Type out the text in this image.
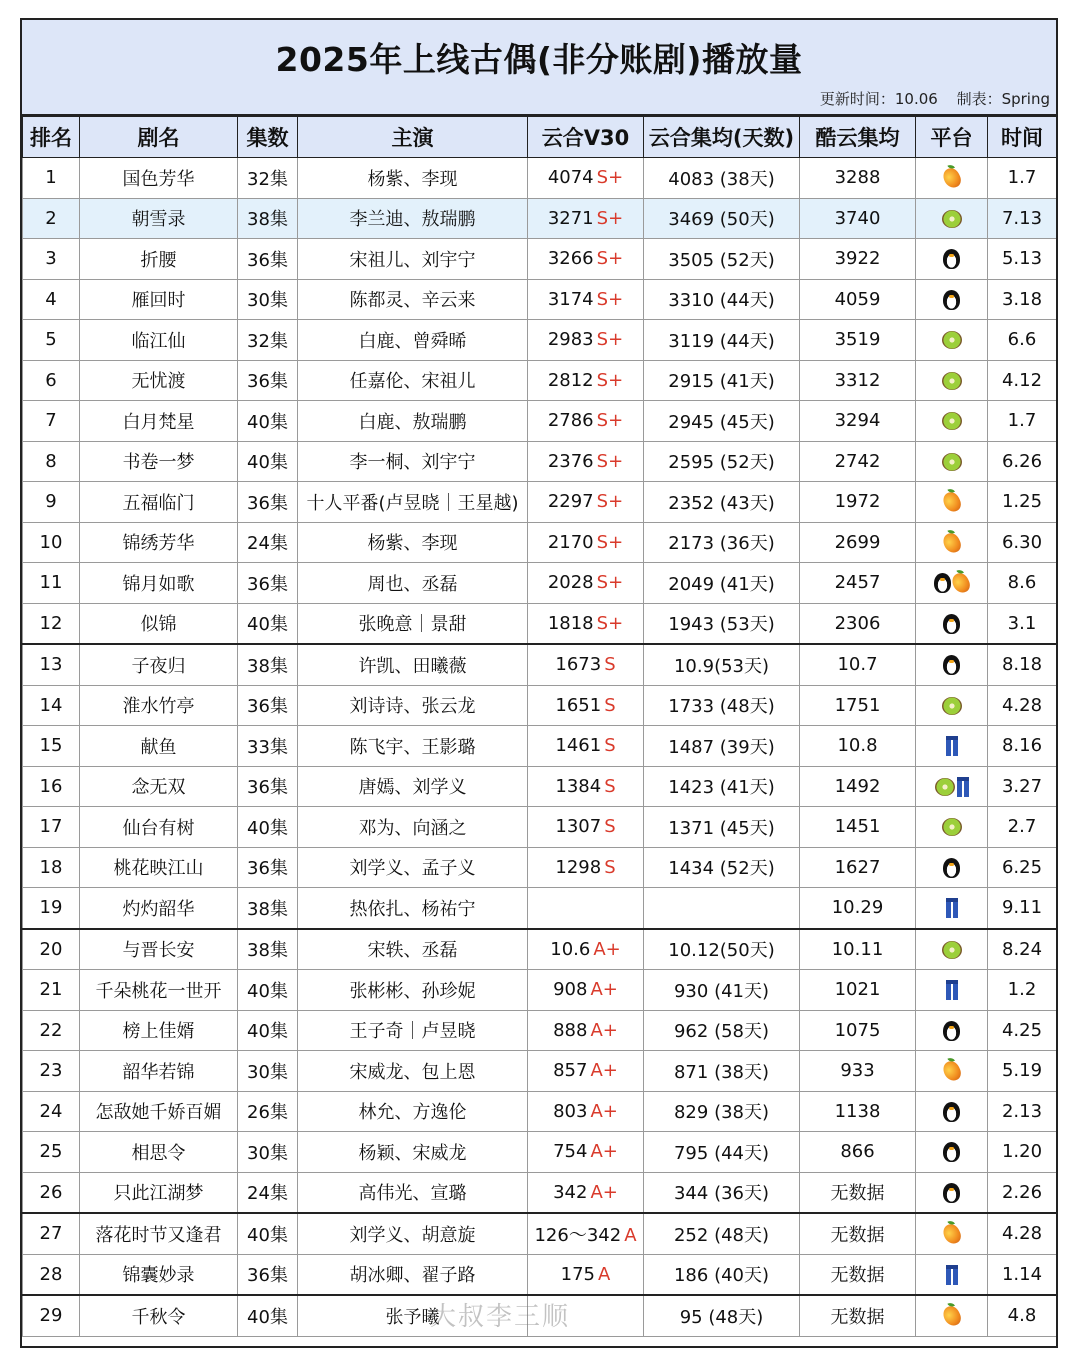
2025年上线古偶(非分账剧)播放量
更新时间：10.06 制表：Spring
排名	剧名	集数	主演	云合V30	云合集均(天数)	酷云集均	平台	时间
1	国色芳华	32集	杨紫、李现	4074 S+	4083 (38天)	3288		1.7
2	朝雪录	38集	李兰迪、敖瑞鹏	3271 S+	3469 (50天)	3740		7.13
3	折腰	36集	宋祖儿、刘宇宁	3266 S+	3505 (52天)	3922		5.13
4	雁回时	30集	陈都灵、辛云来	3174 S+	3310 (44天)	4059		3.18
5	临江仙	32集	白鹿、曾舜晞	2983 S+	3119 (44天)	3519		6.6
6	无忧渡	36集	任嘉伦、宋祖儿	2812 S+	2915 (41天)	3312		4.12
7	白月梵星	40集	白鹿、敖瑞鹏	2786 S+	2945 (45天)	3294		1.7
8	书卷一梦	40集	李一桐、刘宇宁	2376 S+	2595 (52天)	2742		6.26
9	五福临门	36集	十人平番(卢昱晓｜王星越)	2297 S+	2352 (43天)	1972		1.25
10	锦绣芳华	24集	杨紫、李现	2170 S+	2173 (36天)	2699		6.30
11	锦月如歌	36集	周也、丞磊	2028 S+	2049 (41天)	2457		8.6
12	似锦	40集	张晚意｜景甜	1818 S+	1943 (53天)	2306		3.1
13	子夜归	38集	许凯、田曦薇	1673 S	10.9(53天)	10.7		8.18
14	淮水竹亭	36集	刘诗诗、张云龙	1651 S	1733 (48天)	1751		4.28
15	献鱼	33集	陈飞宇、王影璐	1461 S	1487 (39天)	10.8		8.16
16	念无双	36集	唐嫣、刘学义	1384 S	1423 (41天)	1492		3.27
17	仙台有树	40集	邓为、向涵之	1307 S	1371 (45天)	1451		2.7
18	桃花映江山	36集	刘学义、孟子义	1298 S	1434 (52天)	1627		6.25
19	灼灼韶华	38集	热依扎、杨祐宁			10.29		9.11
20	与晋长安	38集	宋轶、丞磊	10.6 A+	10.12(50天)	10.11		8.24
21	千朵桃花一世开	40集	张彬彬、孙珍妮	908 A+	930 (41天)	1021		1.2
22	榜上佳婿	40集	王子奇｜卢昱晓	888 A+	962 (58天)	1075		4.25
23	韶华若锦	30集	宋威龙、包上恩	857 A+	871 (38天)	933		5.19
24	怎敌她千娇百媚	26集	林允、方逸伦	803 A+	829 (38天)	1138		2.13
25	相思令	30集	杨颖、宋威龙	754 A+	795 (44天)	866		1.20
26	只此江湖梦	24集	高伟光、宣璐	342 A+	344 (36天)	无数据		2.26
27	落花时节又逢君	40集	刘学义、胡意旋	126～342 A	252 (48天)	无数据		4.28
28	锦囊妙录	36集	胡冰卿、翟子路	175 A	186 (40天)	无数据		1.14
29	千秋令	40集	张予曦		95 (48天)	无数据		4.8
大叔李三顺
